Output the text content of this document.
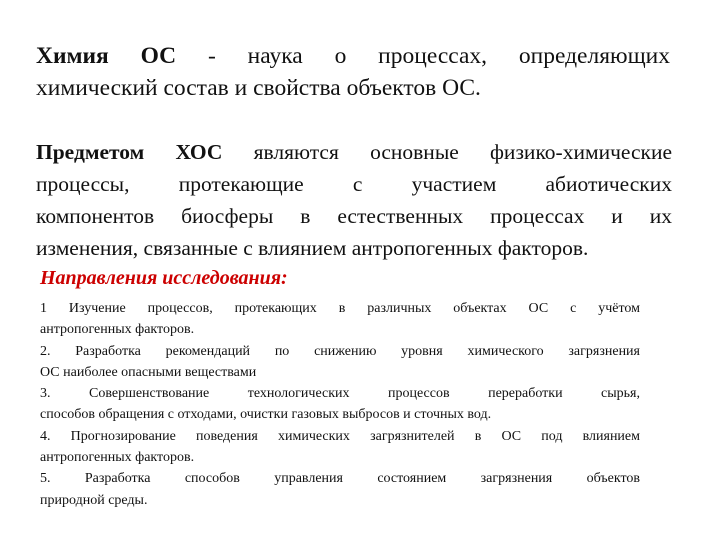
Химия ОС - наука о процессах, определяющих
химический состав и свойства объектов ОС.
Предметом ХОС являются основные физико-химические
процессы, протекающие с участием абиотических
компонентов биосферы в естественных процессах и их
изменения, связанные с влиянием антропогенных факторов.
Направления исследования:
1 Изучение процессов, протекающих в различных объектах ОС с учётом
антропогенных факторов.
2. Разработка рекомендаций по снижению уровня химического загрязнения
ОС наиболее опасными веществами
3. Совершенствование технологических процессов переработки сырья,
способов обращения с отходами, очистки газовых выбросов и сточных вод.
4. Прогнозирование поведения химических загрязнителей в ОС под влиянием
антропогенных факторов.
5. Разработка способов управления состоянием загрязнения объектов
природной среды.
